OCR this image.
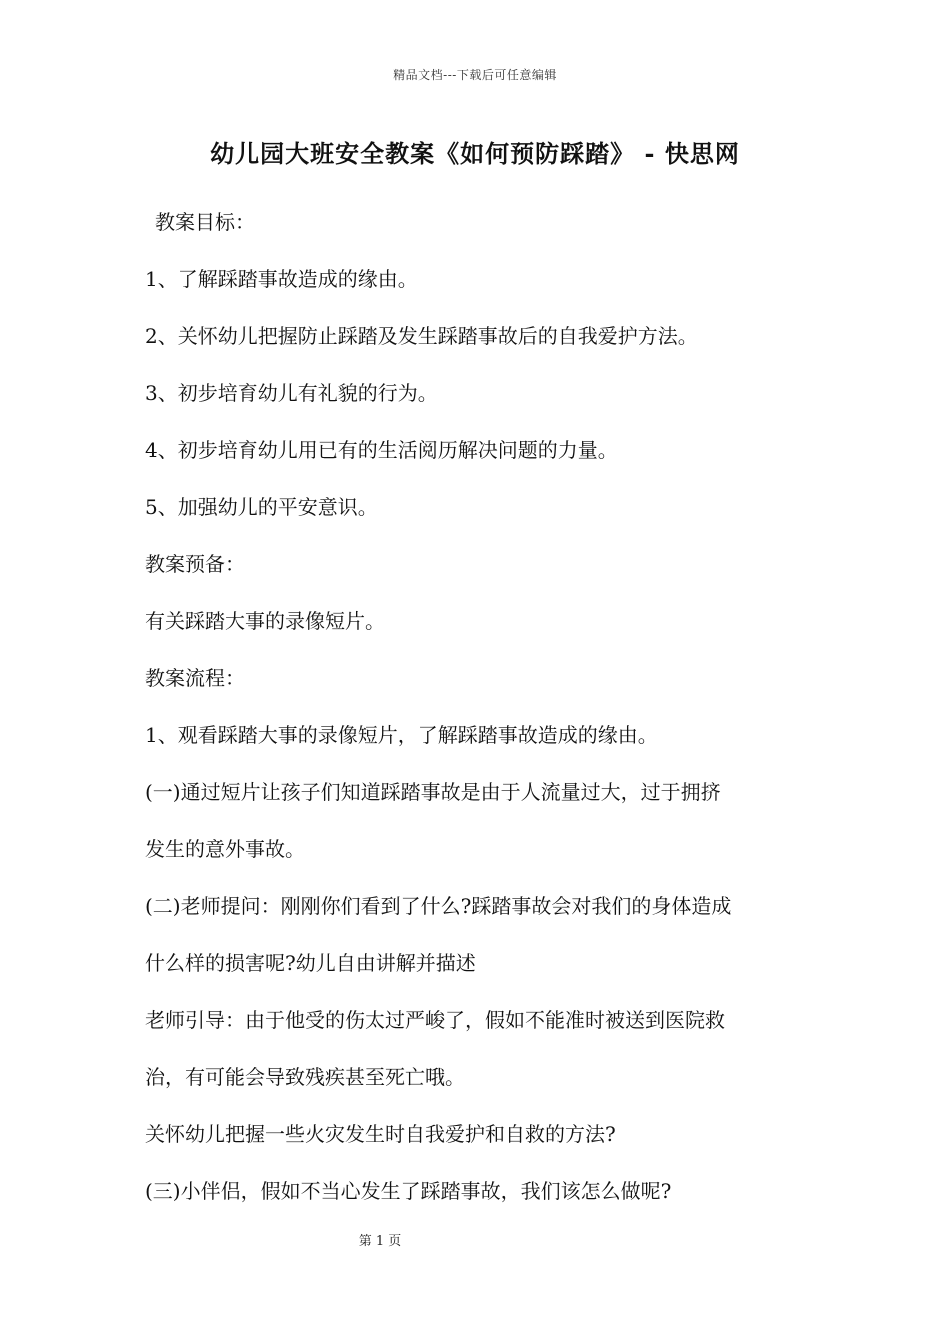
精品文档---下载后可任意编辑
幼儿园大班安全教案《如何预防踩踏》 - 快思网
教案目标：
1、了解踩踏事故造成的缘由。
2、关怀幼儿把握防止踩踏及发生踩踏事故后的自我爱护方法。
3、初步培育幼儿有礼貌的行为。
4、初步培育幼儿用已有的生活阅历解决问题的力量。
5、加强幼儿的平安意识。
教案预备：
有关踩踏大事的录像短片。
教案流程：
1、观看踩踏大事的录像短片，了解踩踏事故造成的缘由。
(一)通过短片让孩子们知道踩踏事故是由于人流量过大，过于拥挤
发生的意外事故。
(二)老师提问：刚刚你们看到了什么?踩踏事故会对我们的身体造成
什么样的损害呢?幼儿自由讲解并描述
老师引导：由于他受的伤太过严峻了，假如不能准时被送到医院救
治，有可能会导致残疾甚至死亡哦。
关怀幼儿把握一些火灾发生时自我爱护和自救的方法?
(三)小伴侣，假如不当心发生了踩踏事故，我们该怎么做呢?
第 1 页
